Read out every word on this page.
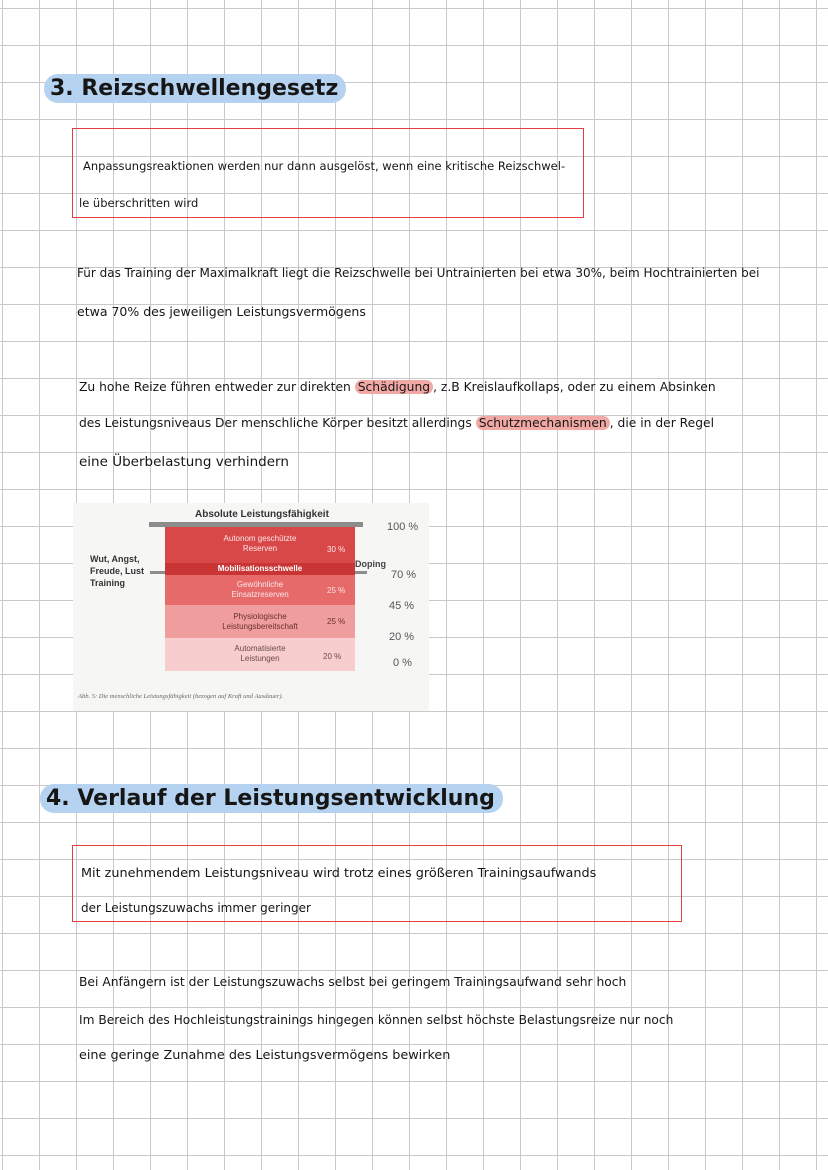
3. Reizschwellengesetz
Anpassungsreaktionen werden nur dann ausgelöst, wenn eine kritische Reizschwel-
le überschritten wird
Für das Training der Maximalkraft liegt die Reizschwelle bei Untrainierten bei etwa 30%, beim Hochtrainierten bei
etwa 70% des jeweiligen Leistungsvermögens
Zu hohe Reize führen entweder zur direkten Schädigung , z.B Kreislaufkollaps, oder zu einem Absinken
des Leistungsniveaus Der menschliche Körper besitzt allerdings Schutzmechanismen , die in der Regel
eine Überbelastung verhindern
Absolute Leistungsfähigkeit
Wut, Angst,
Freude, Lust
Training
Autonom geschützte
Reserven	30 %
Mobilisationsschwelle
Gewöhnliche
Einsatzreserven	25 %
Physiologische
Leistungsbereitschaft
25 %
Automatisierte
Leistungen	20 %
100 %
Doping
70 %
45 %
20 %
0 %
Abb. 5: Die menschliche Leistungsfähigkeit (bezogen auf Kraft und Ausdauer).
4. Verlauf der Leistungsentwicklung
Mit zunehmendem Leistungsniveau wird trotz eines größeren Trainingsaufwands
der Leistungszuwachs immer geringer
Bei Anfängern ist der Leistungszuwachs selbst bei geringem Trainingsaufwand sehr hoch
Im Bereich des Hochleistungstrainings hingegen können selbst höchste Belastungsreize nur noch
eine geringe Zunahme des Leistungsvermögens bewirken
